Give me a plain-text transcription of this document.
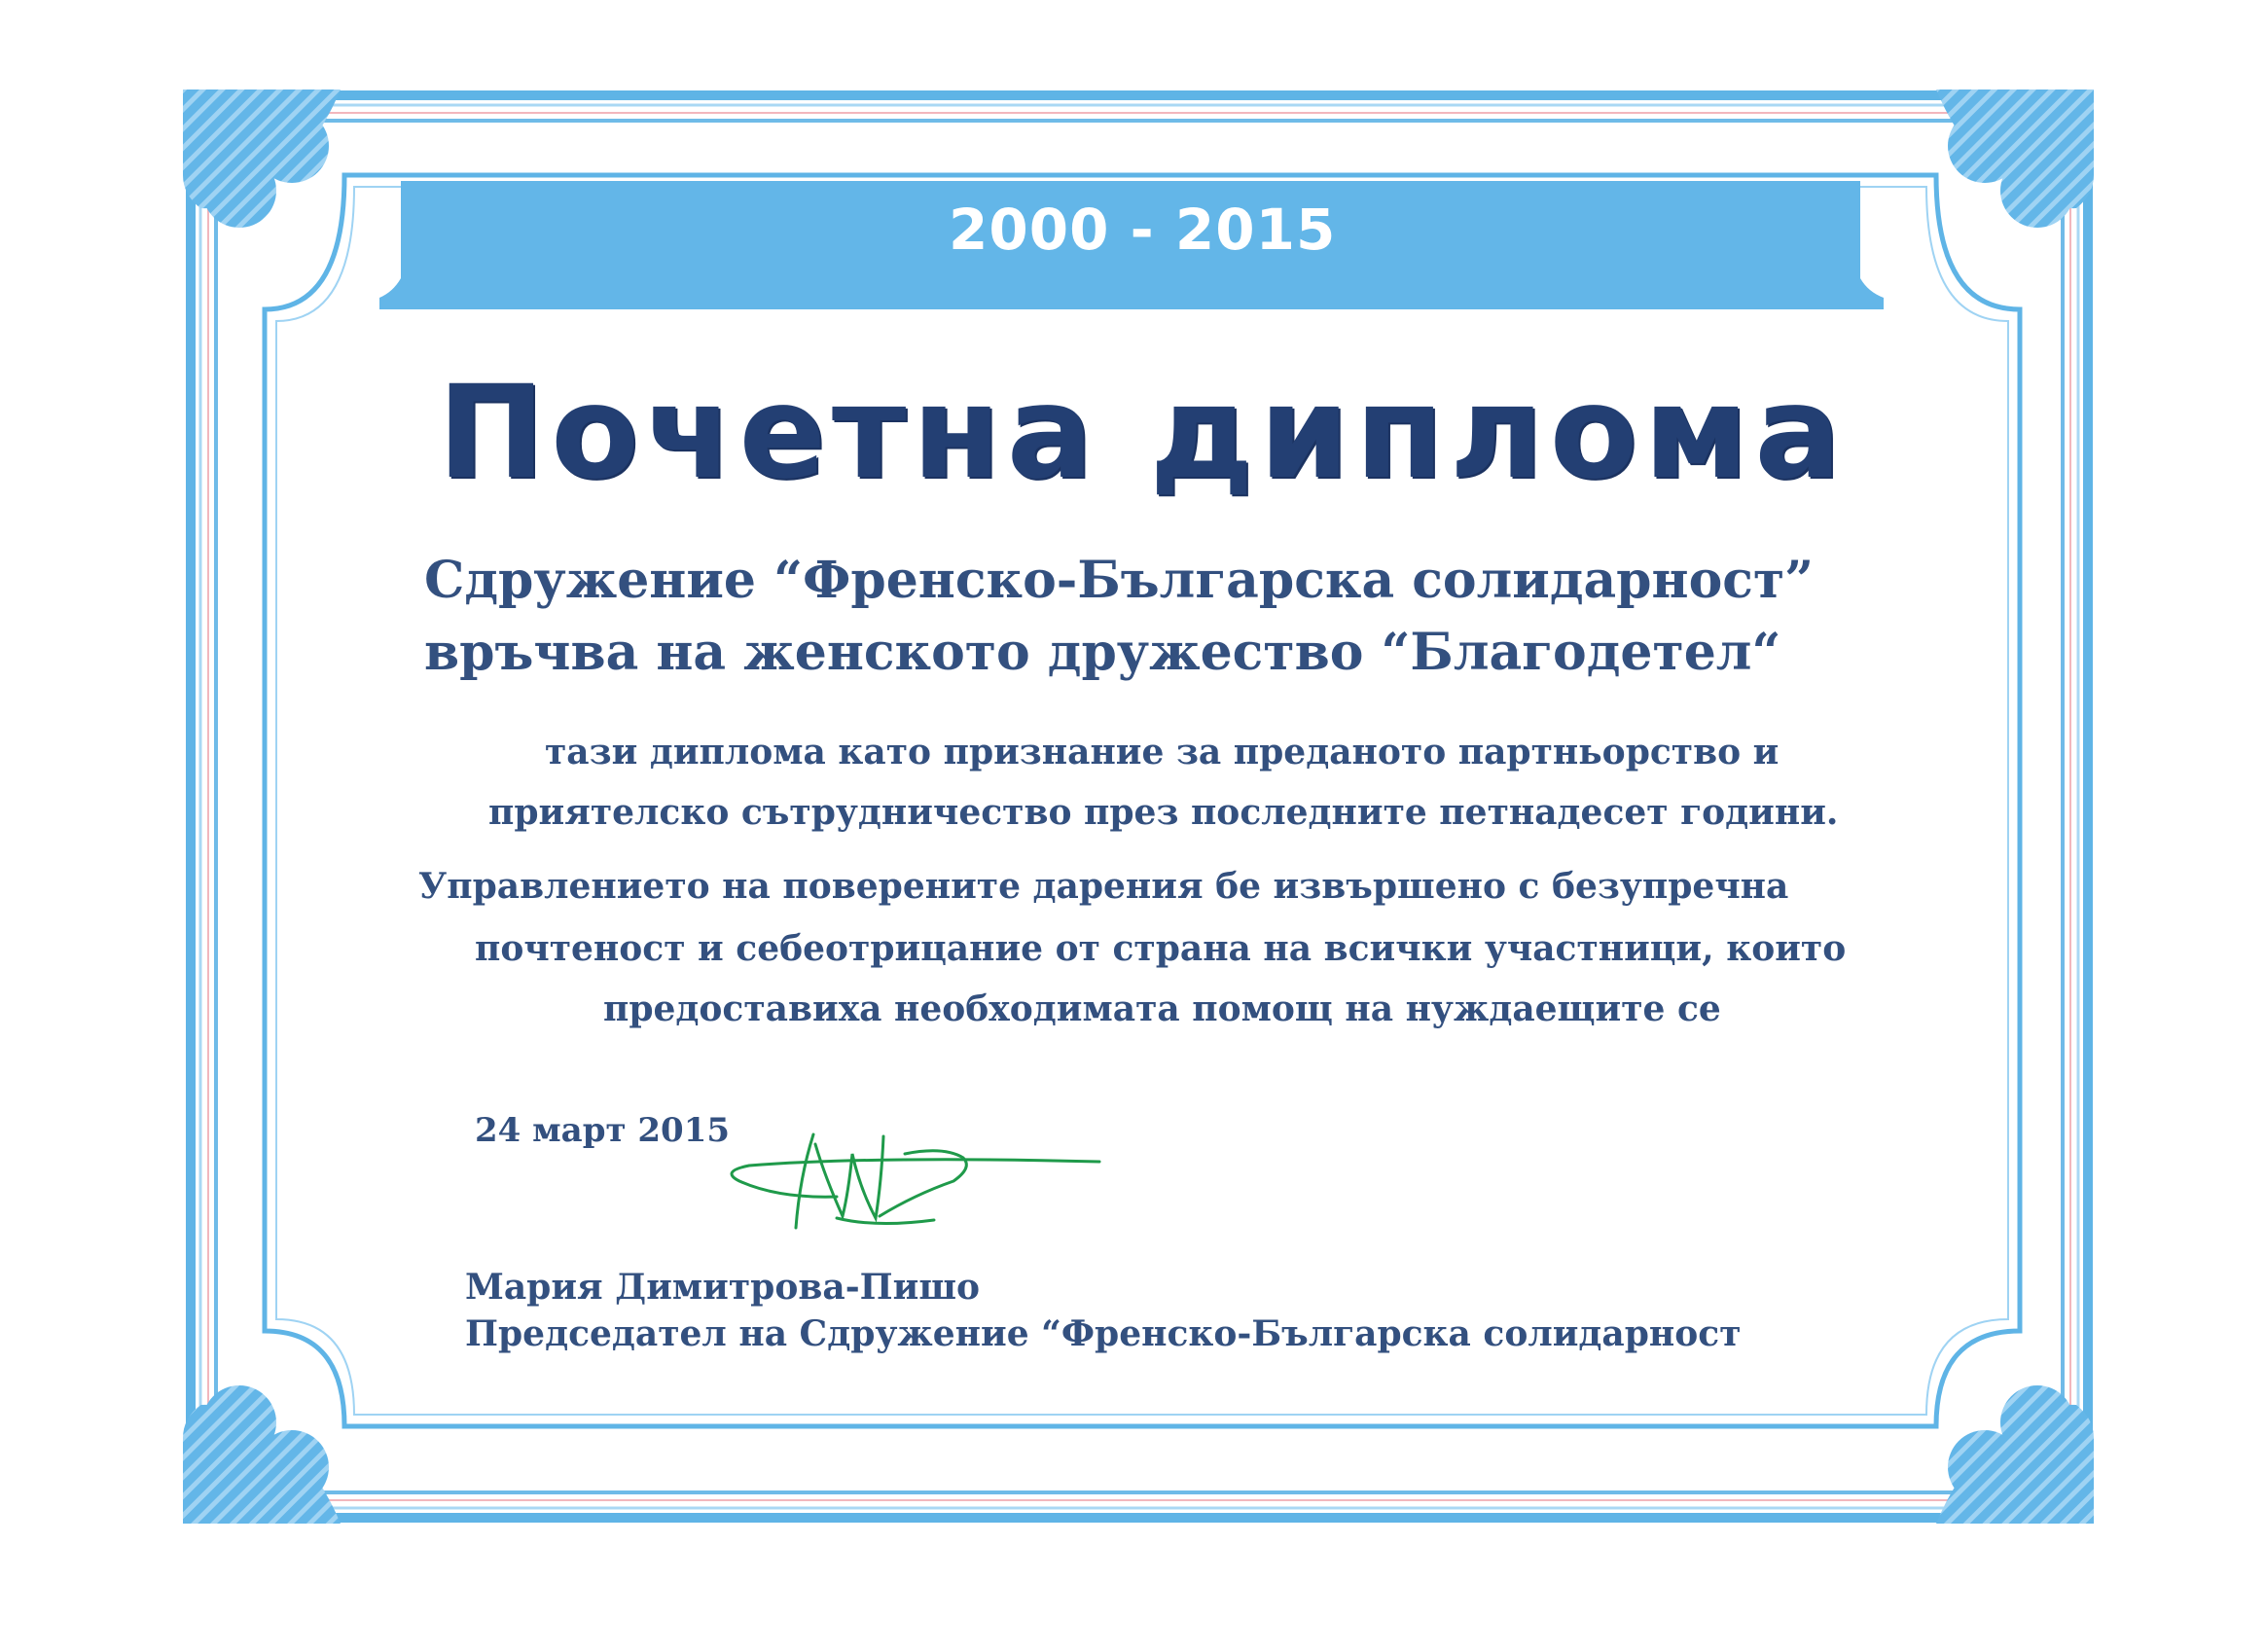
2000 - 2015

Почетна диплома

Сдружение “Френско-Българска солидарност”

връчва на женското дружество “Благодетел“

тази диплома като признание за преданото партньорство и

приятелско сътрудничество през последните петнадесет години.

Управлението на поверените дарения бе извършено с безупречна

почтеност и себеотрицание от страна на всички участници, които

предоставиха необходимата помощ на нуждаещите се

24 март 2015

Мария Димитрова-Пишо

Председател на Сдружение “Френско-Българска солидарност
